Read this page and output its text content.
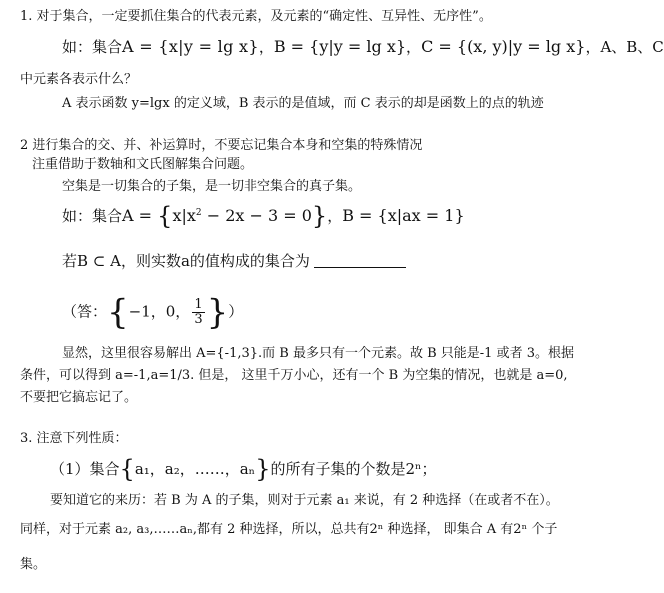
1. 对于集合，一定要抓住集合的代表元素，及元素的“确定性、互异性、无序性”。
如：集合A = {x|y = lg x}，B = {y|y = lg x}，C = {(x, y)|y = lg x}，A、B、C
中元素各表示什么？
A 表示函数 y=lgx 的定义域，B 表示的是值域，而 C 表示的却是函数上的点的轨迹
2 进行集合的交、并、补运算时，不要忘记集合本身和空集的特殊情况
注重借助于数轴和文氏图解集合问题。
空集是一切集合的子集，是一切非空集合的真子集。
如：集合$A = \{x|x^2 - 2x - 3 = 0\}$，B = {x|ax = 1}
若B ⊂ A，则实数a的值构成的集合为
（答：{−1，0， $\frac{1}{3}$ }）
显然，这里很容易解出 A={-1,3}.而 B 最多只有一个元素。故 B 只能是-1 或者 3。根据
条件，可以得到 a=-1,a=1/3. 但是， 这里千万小心，还有一个 B 为空集的情况，也就是 a=0,
不要把它搞忘记了。
3. 注意下列性质：
（1）集合{a₁，a₂，……，aₙ}的所有子集的个数是2ⁿ；
要知道它的来历：若 B 为 A 的子集，则对于元素 a₁ 来说，有 2 种选择（在或者不在）。
同样，对于元素 a₂, a₃,……aₙ,都有 2 种选择，所以，总共有2ⁿ 种选择， 即集合 A 有2ⁿ 个子
集。
